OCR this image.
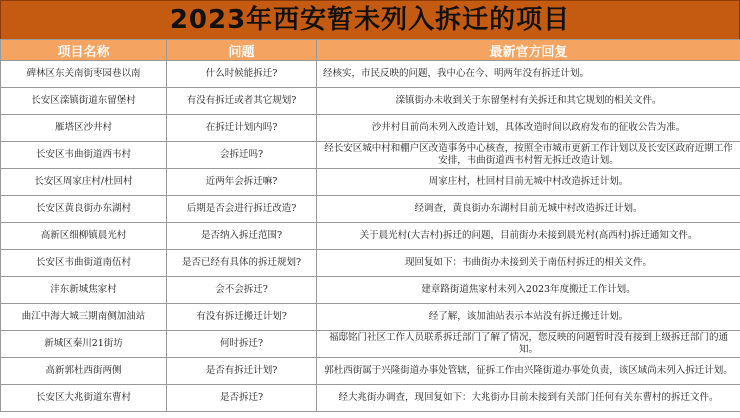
2023年西安暂未列入拆迁的项目
项目名称	问题	最新官方回复
碑林区东关南街枣园巷以南	什么时候能拆迁?	经核实，市民反映的问题，我中心在今、明两年没有拆迁计划。
长安区滦镇街道东留堡村	有没有拆迁或者其它规划?	滦镇街办未收到关于东留堡村有关拆迁和其它规划的相关文件。
雁塔区沙井村	在拆迁计划内吗?	沙井村目前尚未列入改造计划，具体改造时间以政府发布的征收公告为准。
长安区韦曲街道西韦村	会拆迁吗?	经长安区城中村和棚户区改造事务中心核查，按照全市城市更新工作计划以及长安区政府近期工作安排，韦曲街道西韦村暂无拆迁改造计划。
长安区周家庄村/杜回村	近两年会拆迁嘛?	周家庄村，杜回村目前无城中村改造拆迁计划。
长安区黄良街办东湖村	后期是否会进行拆迁改造?	经调查，黄良街办东湖村目前无城中村改造拆迁计划。
高新区细柳镇晨光村	是否纳入拆迁范围?	关于晨光村(大吉村)拆迁的问题，目前街办未接到晨光村(高西村)拆迁通知文件。
长安区韦曲街道南伍村	是否已经有具体的拆迁规划?	现回复如下：韦曲街办未接到关于南伍村拆迁的相关文件。
沣东新城焦家村	会不会拆迁?	建章路街道焦家村未列入2023年度搬迁工作计划。
曲江中海大城三期南侧加油站	有没有拆迁搬迁计划?	经了解，该加油站表示本站没有拆迁搬迁计划。
新城区秦川21街坊	何时拆迁?	福邸铭门社区工作人员联系拆迁部门了解了情况，您反映的问题暂时没有接到上级拆迁部门的通知。
高新郭杜西街两侧	是否有拆迁计划?	郭杜西街属于兴隆街道办事处管辖，征拆工作由兴隆街道办事处负责，该区域尚未列入拆迁计划。
长安区大兆街道东曹村	是否拆迁?	经大兆街办调查，现回复如下：大兆街办目前未接到有关部门任何有关东曹村的拆迁文件。
